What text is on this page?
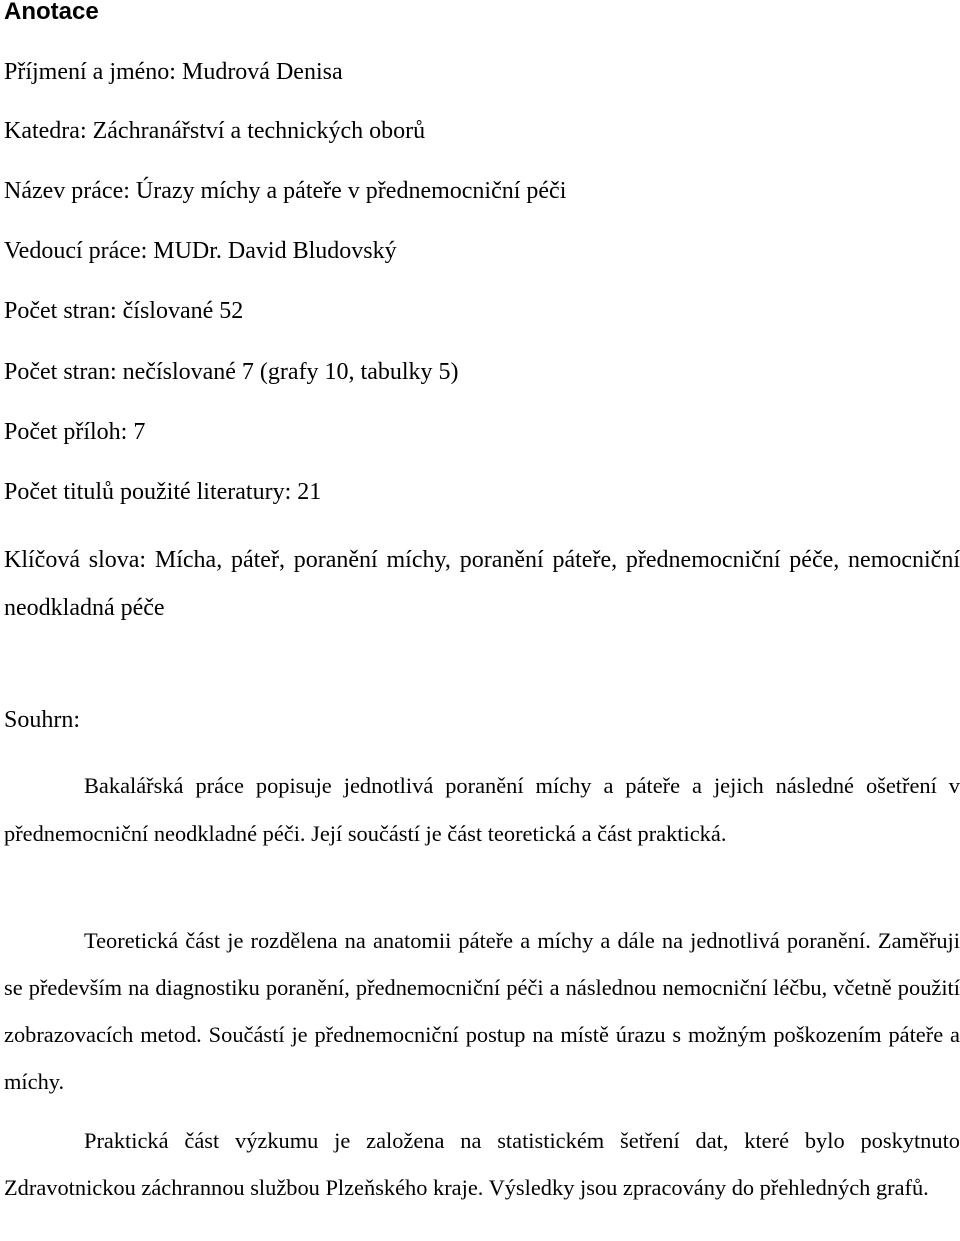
Anotace

Příjmení a jméno: Mudrová Denisa

Katedra: Záchranářství a technických oborů

Název práce: Úrazy míchy a páteře v přednemocniční péči

Vedoucí práce: MUDr. David Bludovský

Počet stran: číslované 52

Počet stran: nečíslované 7 (grafy 10, tabulky 5)

Počet příloh: 7

Počet titulů použité literatury: 21

Klíčová slova: Mícha, páteř, poranění míchy, poranění páteře, přednemocniční péče, nemocniční neodkladná péče

Souhrn:

Bakalářská práce popisuje jednotlivá poranění míchy a páteře a jejich následné ošetření v přednemocniční neodkladné péči. Její součástí je část teoretická a část praktická.

Teoretická část je rozdělena na anatomii páteře a míchy a dále na jednotlivá poranění. Zaměřuji se především na diagnostiku poranění, přednemocniční péči a následnou nemocniční léčbu, včetně použití zobrazovacích metod. Součástí je přednemocniční postup na místě úrazu s možným poškozením páteře a míchy.

Praktická část výzkumu je založena na statistickém šetření dat, které bylo poskytnuto Zdravotnickou záchrannou službou Plzeňského kraje. Výsledky jsou zpracovány do přehledných grafů.
